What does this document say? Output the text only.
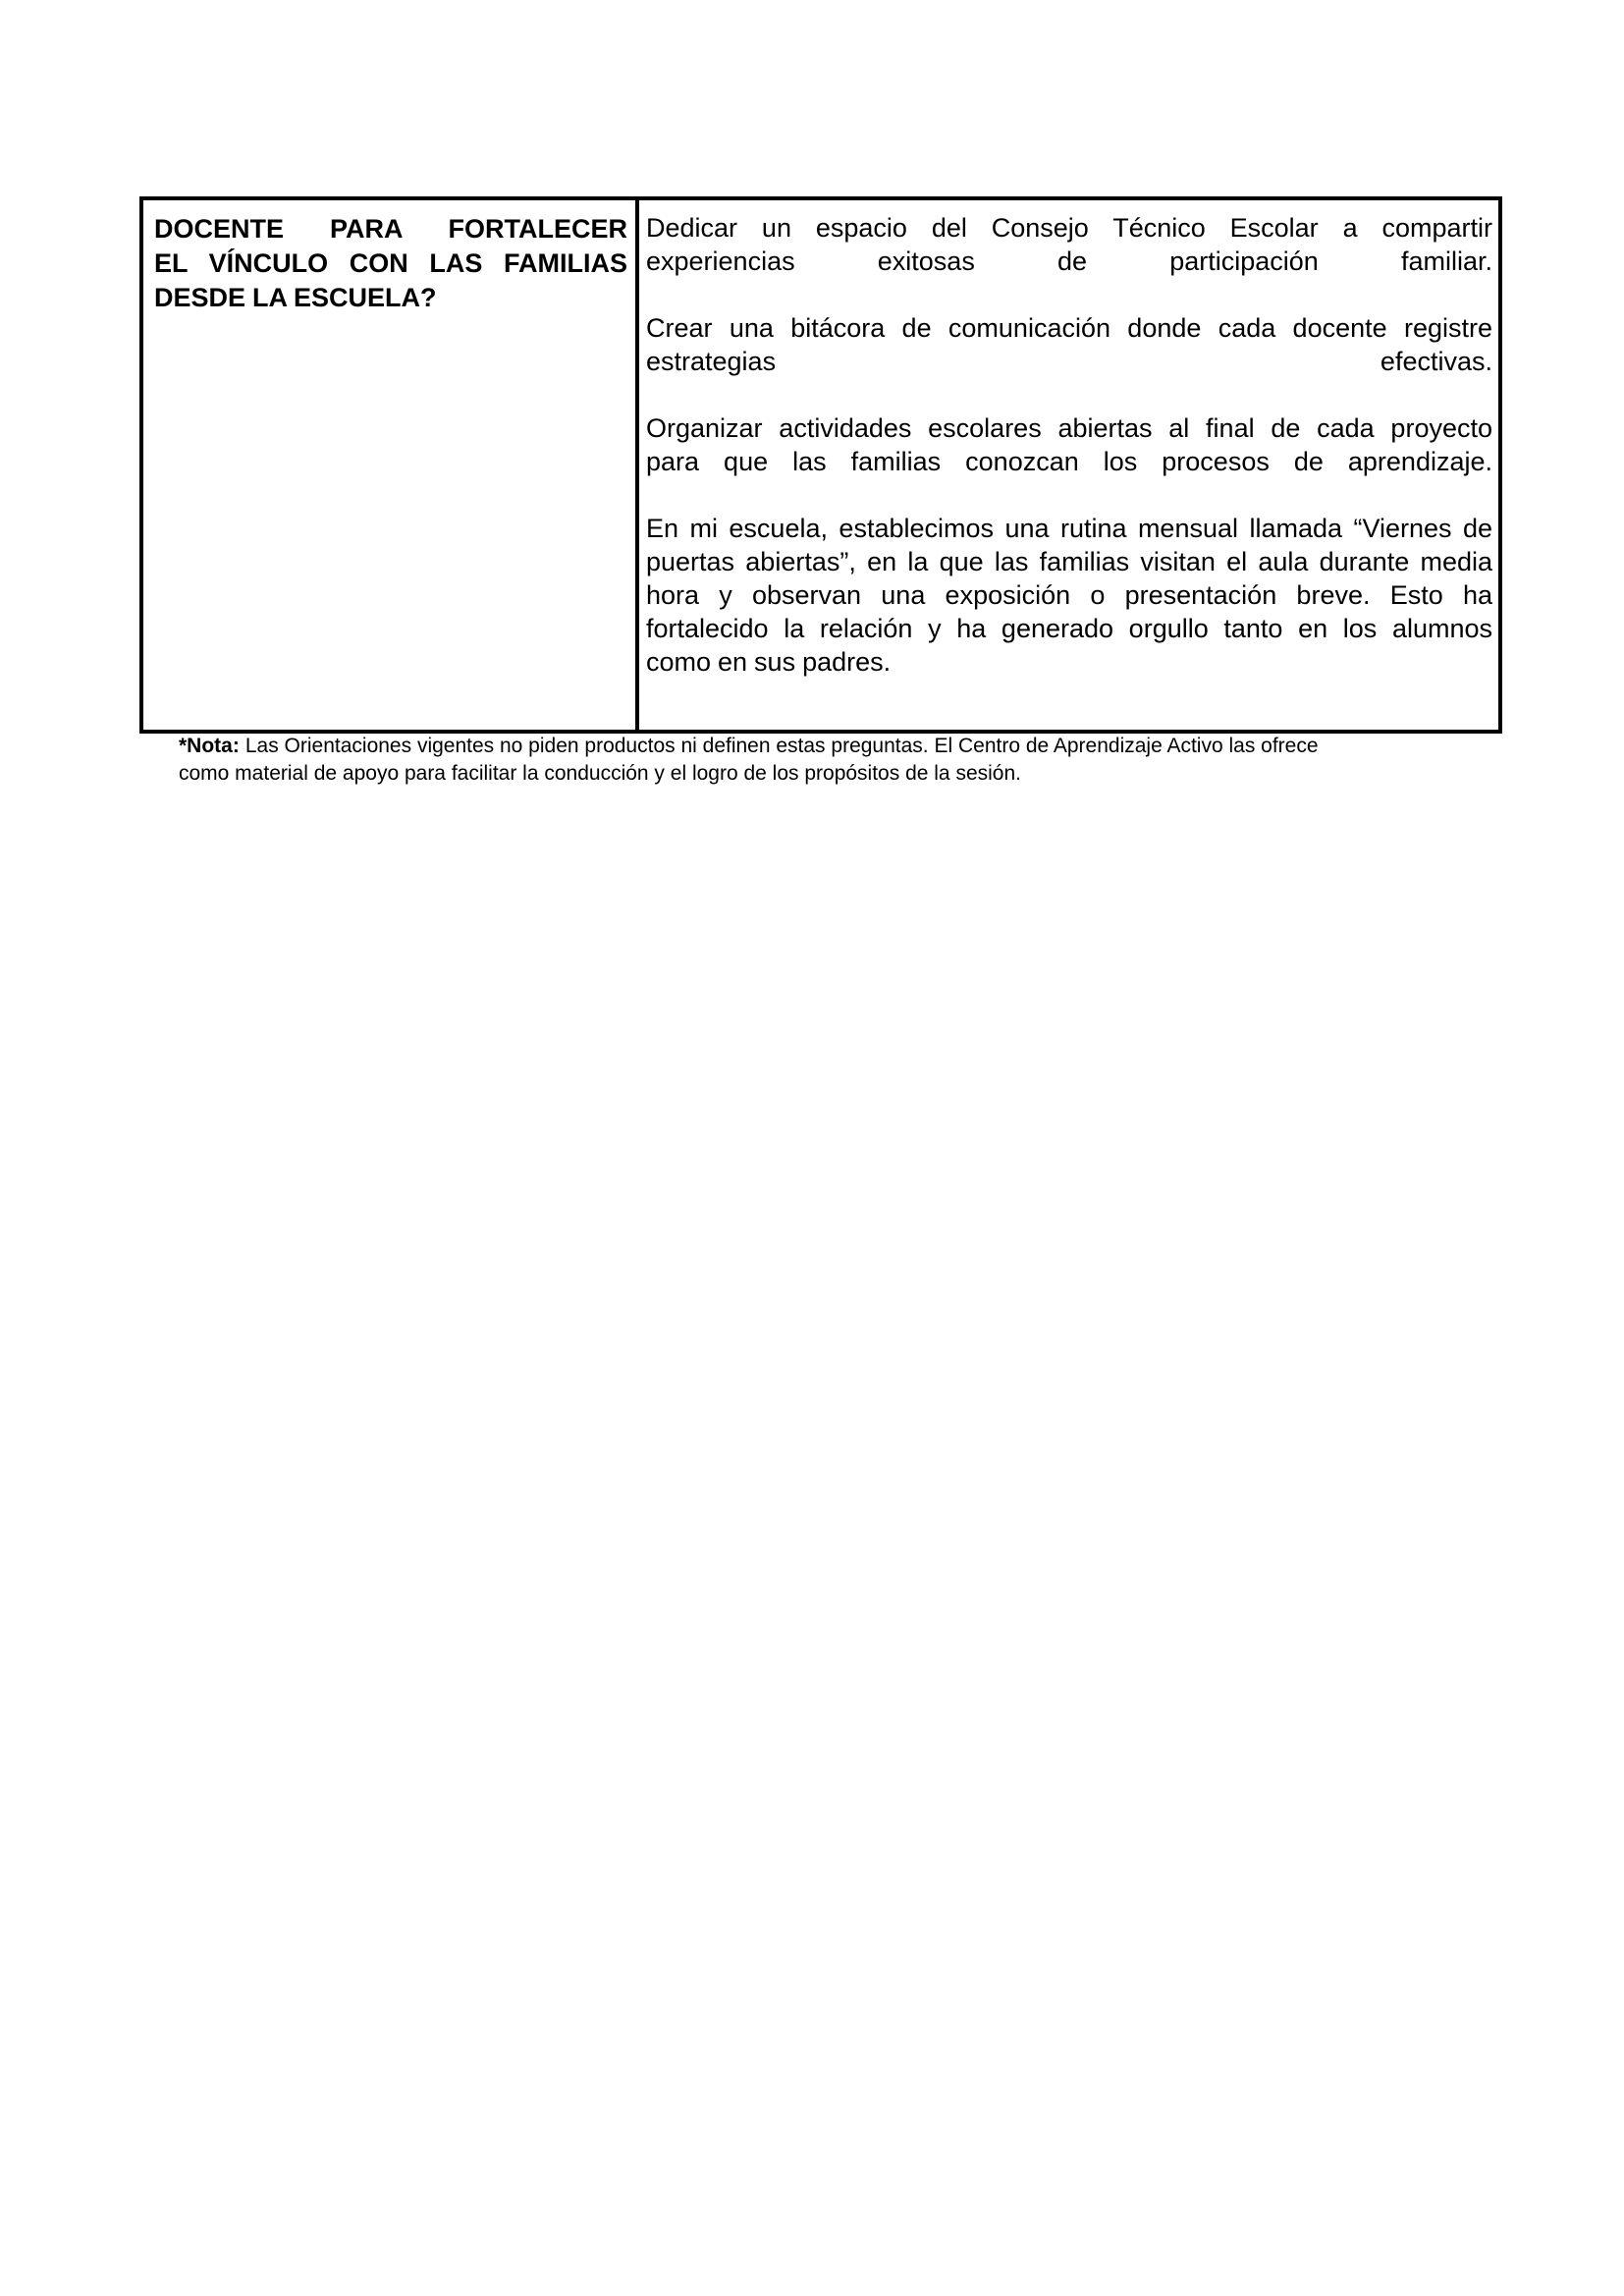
DOCENTE PARA FORTALECER
EL VÍNCULO CON LAS FAMILIAS
DESDE LA ESCUELA?
Dedicar un espacio del Consejo Técnico Escolar a compartir
experiencias exitosas de participación familiar.
Crear una bitácora de comunicación donde cada docente registre
estrategias efectivas.
Organizar actividades escolares abiertas al final de cada proyecto
para que las familias conozcan los procesos de aprendizaje.
En mi escuela, establecimos una rutina mensual llamada “Viernes de
puertas abiertas”, en la que las familias visitan el aula durante media
hora y observan una exposición o presentación breve. Esto ha
fortalecido la relación y ha generado orgullo tanto en los alumnos
como en sus padres.
*Nota: Las Orientaciones vigentes no piden productos ni definen estas preguntas. El Centro de Aprendizaje Activo las ofrece
como material de apoyo para facilitar la conducción y el logro de los propósitos de la sesión.
